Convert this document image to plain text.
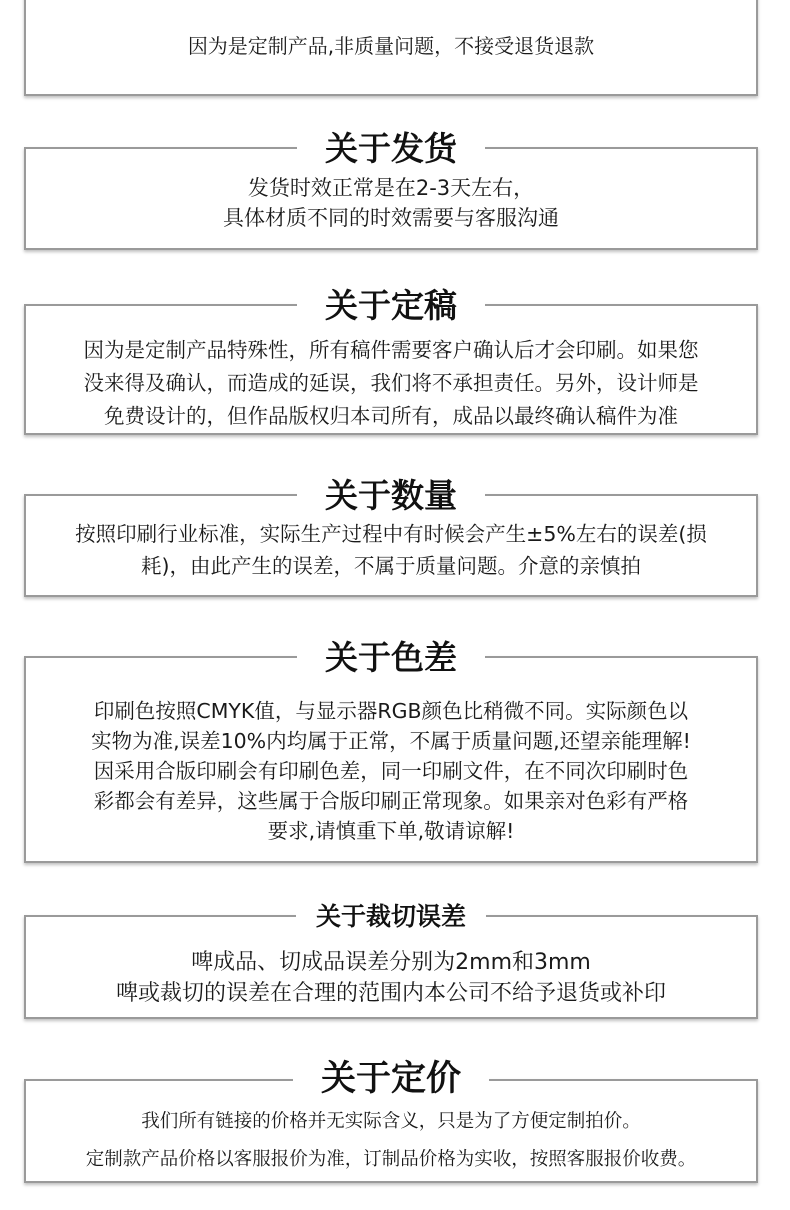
因为是定制产品,非质量问题，不接受退货退款

关于发货

发货时效正常是在2-3天左右，

具体材质不同的时效需要与客服沟通

关于定稿

因为是定制产品特殊性，所有稿件需要客户确认后才会印刷。如果您

没来得及确认，而造成的延误，我们将不承担责任。另外，设计师是

免费设计的，但作品版权归本司所有，成品以最终确认稿件为准

关于数量

按照印刷行业标准，实际生产过程中有时候会产生±5%左右的误差(损

耗)，由此产生的误差，不属于质量问题。介意的亲慎拍

关于色差

印刷色按照CMYK值，与显示器RGB颜色比稍微不同。实际颜色以

实物为准,误差10%内均属于正常，不属于质量问题,还望亲能理解!

因采用合版印刷会有印刷色差，同一印刷文件，在不同次印刷时色

彩都会有差异，这些属于合版印刷正常现象。如果亲对色彩有严格

要求,请慎重下单,敬请谅解!

关于裁切误差

啤成品、切成品误差分别为2mm和3mm

啤或裁切的误差在合理的范围内本公司不给予退货或补印

关于定价

我们所有链接的价格并无实际含义，只是为了方便定制拍价。

定制款产品价格以客服报价为准，订制品价格为实收，按照客服报价收费。
